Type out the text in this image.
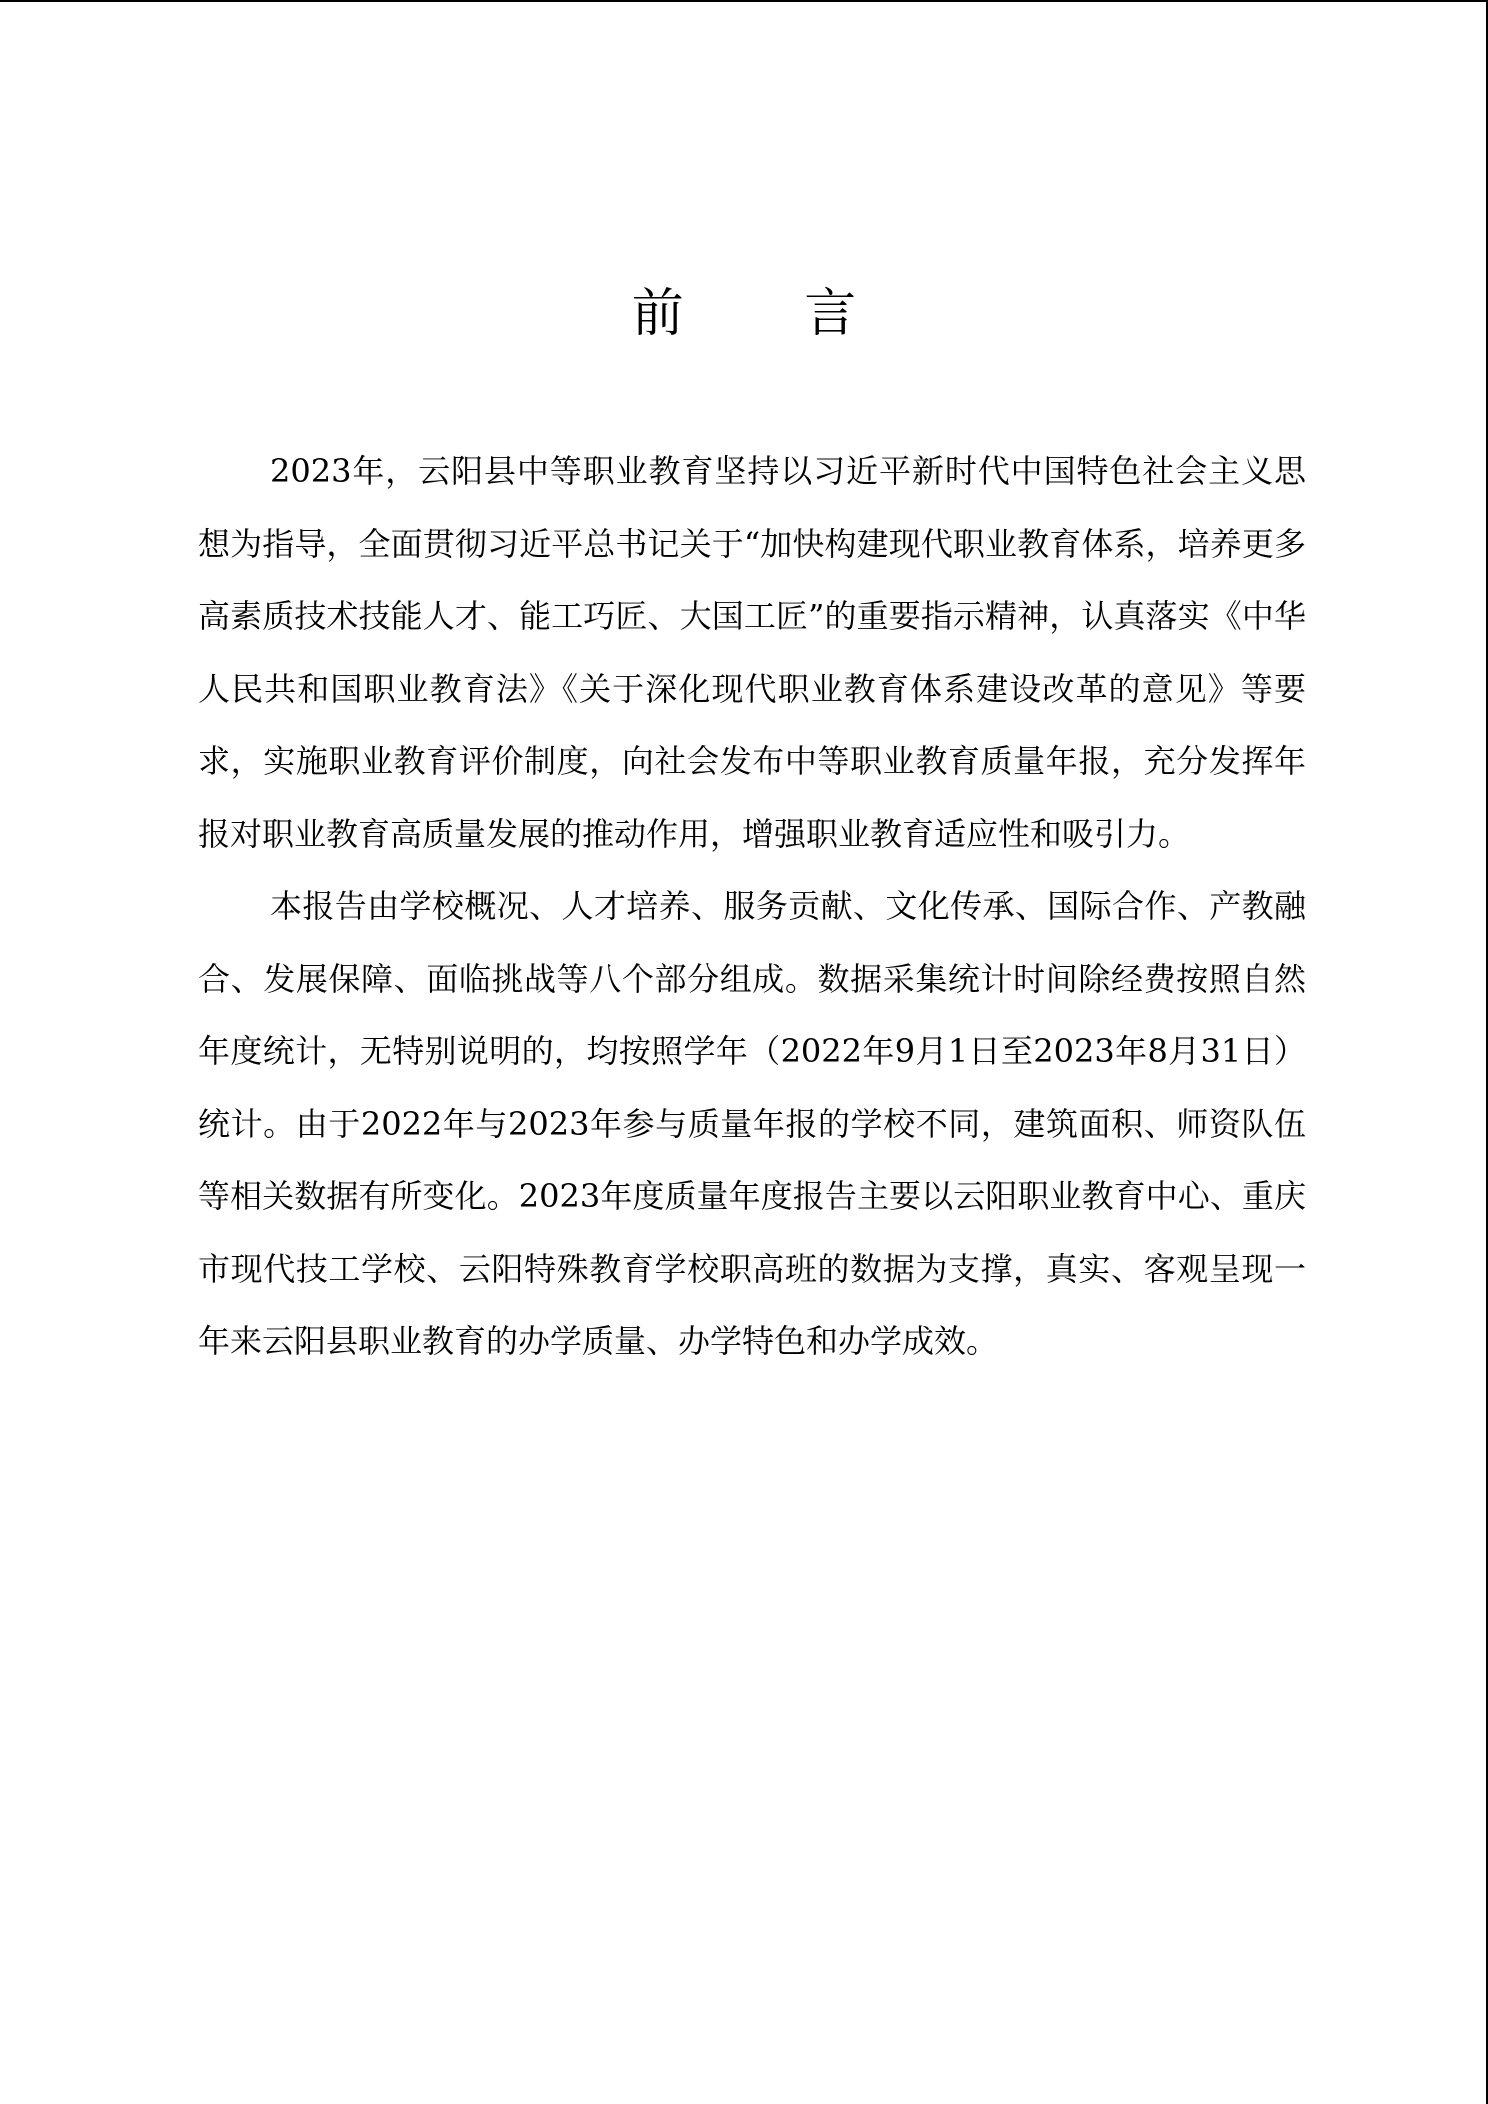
前 言

2023年，云阳县中等职业教育坚持以习近平新时代中国特色社会主义思想为指导，全面贯彻习近平总书记关于“加快构建现代职业教育体系，培养更多高素质技术技能人才、能工巧匠、大国工匠”的重要指示精神，认真落实《中华人民共和国职业教育法》《关于深化现代职业教育体系建设改革的意见》等要求，实施职业教育评价制度，向社会发布中等职业教育质量年报，充分发挥年报对职业教育高质量发展的推动作用，增强职业教育适应性和吸引力。

本报告由学校概况、人才培养、服务贡献、文化传承、国际合作、产教融合、发展保障、面临挑战等八个部分组成。数据采集统计时间除经费按照自然年度统计，无特别说明的，均按照学年（2022年9月1日至2023年8月31日）统计。由于2022年与2023年参与质量年报的学校不同，建筑面积、师资队伍等相关数据有所变化。2023年度质量年度报告主要以云阳职业教育中心、重庆市现代技工学校、云阳特殊教育学校职高班的数据为支撑，真实、客观呈现一年来云阳县职业教育的办学质量、办学特色和办学成效。
